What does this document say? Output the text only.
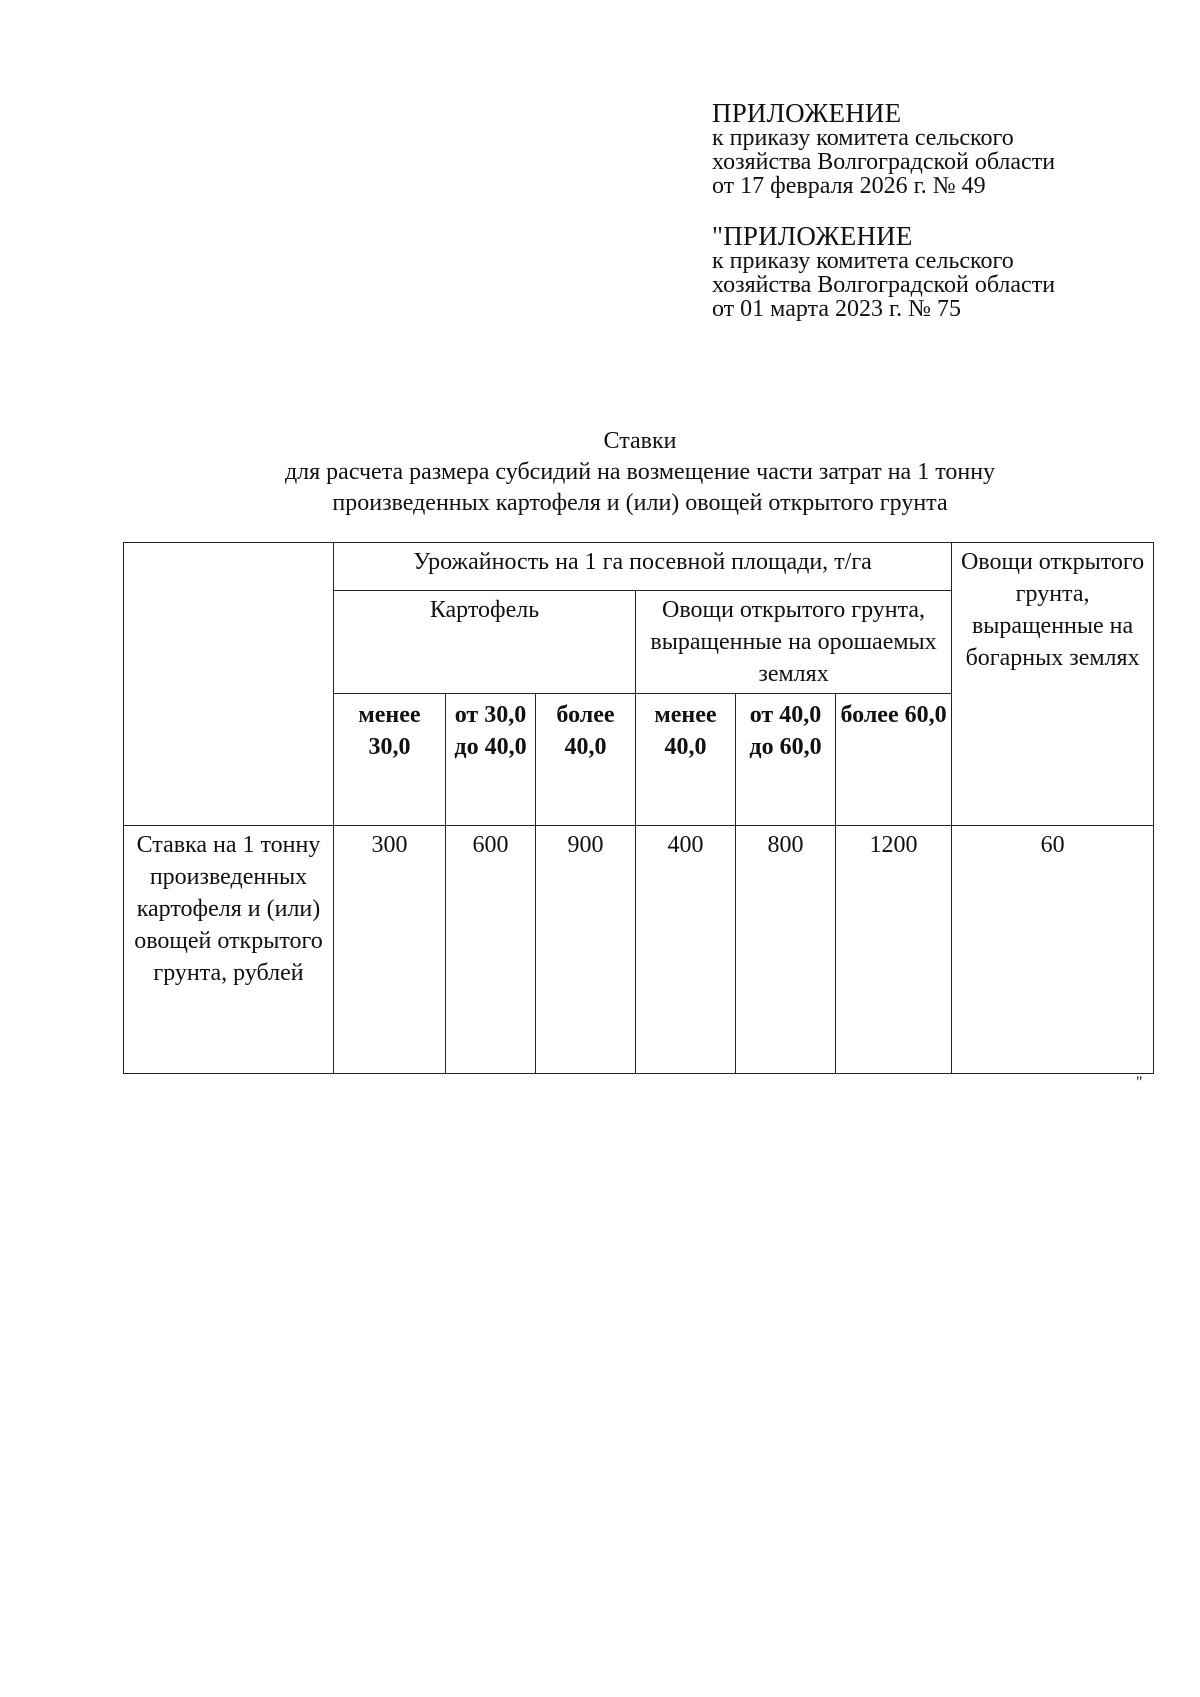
ПРИЛОЖЕНИЕ
к приказу комитета сельского
хозяйства Волгоградской области
от 17 февраля 2026 г. № 49
"ПРИЛОЖЕНИЕ
к приказу комитета сельского
хозяйства Волгоградской области
от 01 марта 2023 г. № 75
Ставки
для расчета размера субсидий на возмещение части затрат на 1 тонну
произведенных картофеля и (или) овощей открытого грунта
	Урожайность на 1 га посевной площади, т/га						Овощи открытого грунта, выращенные на богарных землях
	Картофель			Овощи открытого грунта, выращенные на орошаемых землях			
	менее 30,0	от 30,0 до 40,0	более 40,0	менее 40,0	от 40,0 до 60,0	более 60,0	
Ставка на 1 тонну произведенных картофеля и (или) овощей открытого грунта, рублей	300	600	900	400	800	1200	60
"
